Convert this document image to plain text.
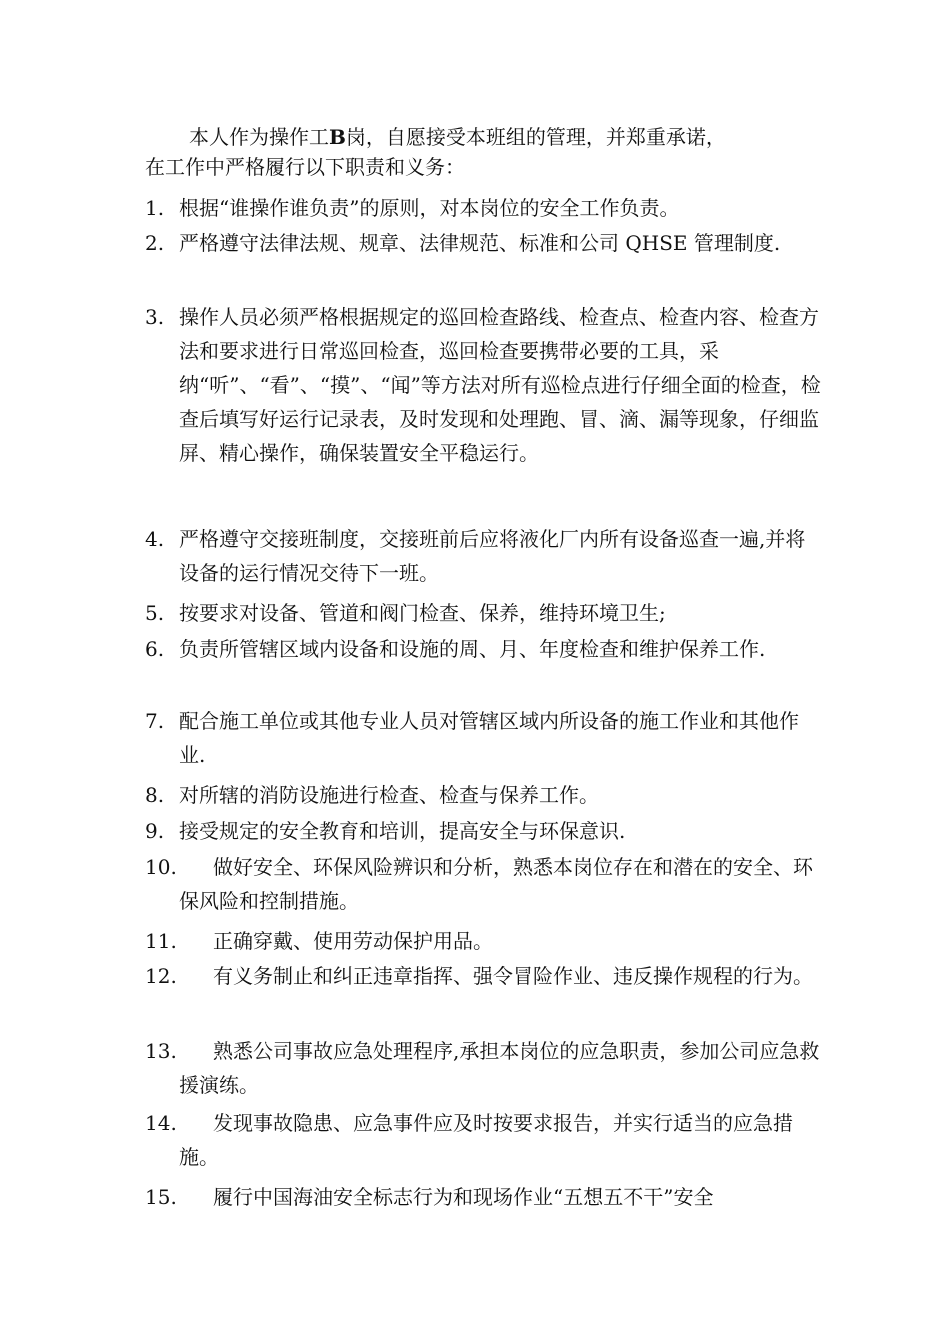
本人作为操作工B岗，自愿接受本班组的管理，并郑重承诺，
在工作中严格履行以下职责和义务：

1. 根据“谁操作谁负责”的原则，对本岗位的安全工作负责。
2. 严格遵守法律法规、规章、法律规范、标准和公司 QHSE 管理制度.
3. 操作人员必须严格根据规定的巡回检查路线、检查点、检查内容、检查方法和要求进行日常巡回检查，巡回检查要携带必要的工具，采纳“听”、“看”、“摸”、“闻”等方法对所有巡检点进行仔细全面的检查，检查后填写好运行记录表，及时发现和处理跑、冒、滴、漏等现象，仔细监屏、精心操作，确保装置安全平稳运行。
4. 严格遵守交接班制度，交接班前后应将液化厂内所有设备巡查一遍,并将设备的运行情况交待下一班。
5. 按要求对设备、管道和阀门检查、保养，维持环境卫生;
6. 负责所管辖区域内设备和设施的周、月、年度检查和维护保养工作.
7. 配合施工单位或其他专业人员对管辖区域内所设备的施工作业和其他作业.
8. 对所辖的消防设施进行检查、检查与保养工作。
9. 接受规定的安全教育和培训，提高安全与环保意识.
10.	做好安全、环保风险辨识和分析，熟悉本岗位存在和潜在的安全、环保风险和控制措施。
11.	正确穿戴、使用劳动保护用品。
12.	有义务制止和纠正违章指挥、强令冒险作业、违反操作规程的行为。
13.	熟悉公司事故应急处理程序,承担本岗位的应急职责，参加公司应急救援演练。
14.	发现事故隐患、应急事件应及时按要求报告，并实行适当的应急措施。
15.	履行中国海油安全标志行为和现场作业“五想五不干”安全
